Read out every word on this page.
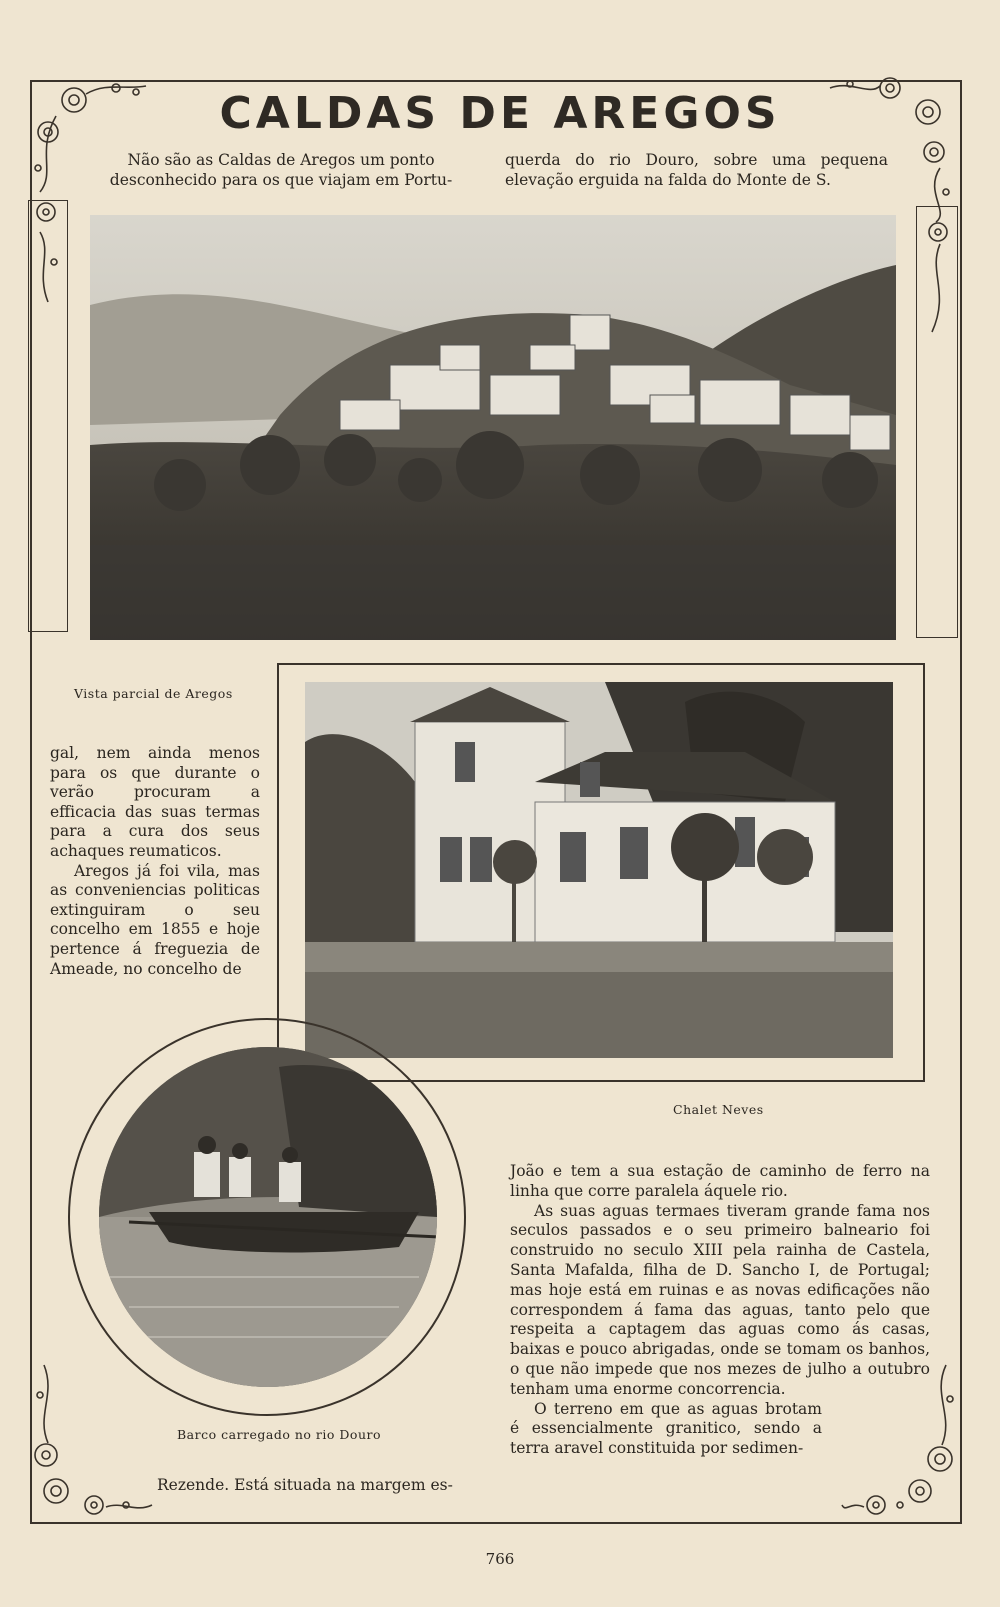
CALDAS DE AREGOS

Não são as Caldas de Aregos um ponto desconhecido para os que viajam em Portu-

querda do rio Douro, sobre uma pequena elevação erguida na falda do Monte de S.

Vista parcial de Aregos

gal, nem ainda menos para os que durante o verão procuram a efficacia das suas termas para a cura dos seus achaques reumaticos.

Aregos já foi vila, mas as conveniencias politicas extinguiram o seu concelho em 1855 e hoje pertence á freguezia de Ameade, no concelho de

Chalet Neves
Barco carregado no rio Douro

Rezende. Está situada na margem es-

João e tem a sua estação de caminho de ferro na linha que corre paralela áquele rio.

As suas aguas termaes tiveram grande fama nos seculos passados e o seu primeiro balneario foi construido no seculo XIII pela rainha de Castela, Santa Mafalda, filha de D. Sancho I, de Portugal; mas hoje está em ruinas e as novas edificações não correspondem á fama das aguas, tanto pelo que respeita a captagem das aguas como ás casas, baixas e pouco abrigadas, onde se tomam os banhos, o que não impede que nos mezes de julho a outubro tenham uma enorme concorrencia.

O terreno em que as aguas brotam é essencialmente granitico, sendo a terra aravel constituida por sedimen-

766
